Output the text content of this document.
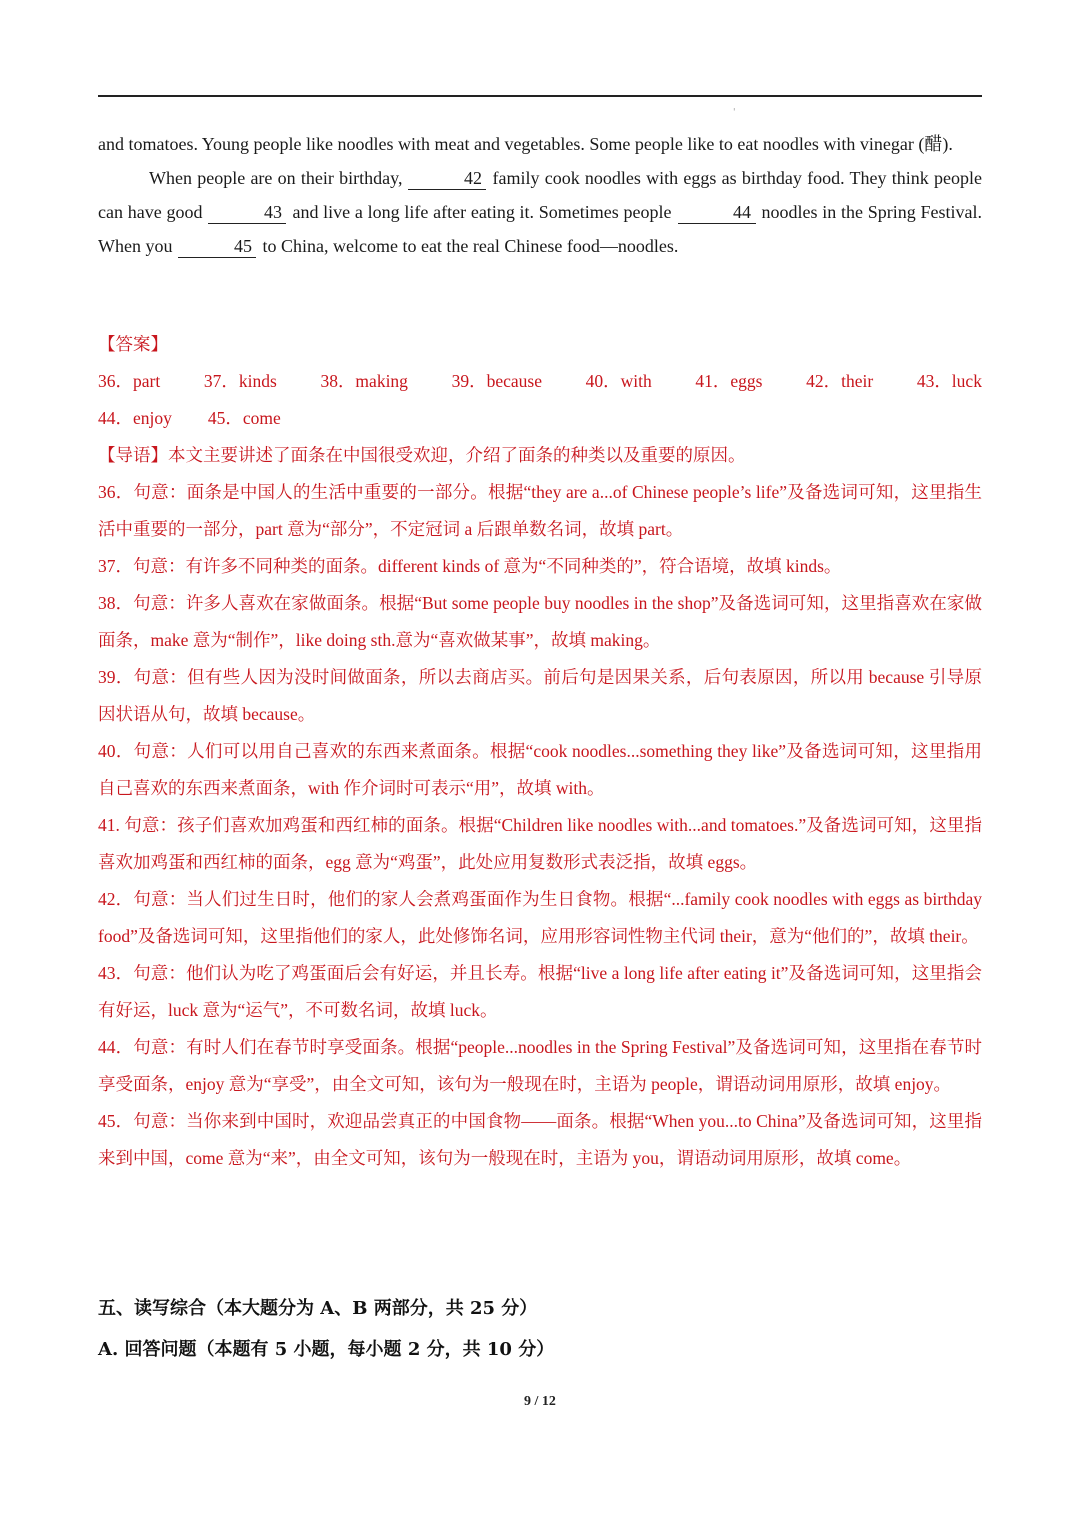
'

and tomatoes. Young people like noodles with meat and vegetables. Some people like to eat noodles with vinegar (醋).

When people are on their birthday,	42 family cook noodles with eggs as birthday food. They think people can have good	43 and live a long life after eating it. Sometimes people	44 noodles in the Spring Festival. When you	45 to China, welcome to eat the real Chinese food—noodles.

【答案】

36．part 37．kinds 38．making 39．because 40．with 41．eggs 42．their 43．luck
44．enjoy 45．come

【导语】本文主要讲述了面条在中国很受欢迎，介绍了面条的种类以及重要的原因。

36．句意：面条是中国人的生活中重要的一部分。根据“they are a...of Chinese people’s life”及备选词可知，这里指生活中重要的一部分，part 意为“部分”，不定冠词 a 后跟单数名词，故填 part。

37．句意：有许多不同种类的面条。different kinds of 意为“不同种类的”，符合语境，故填 kinds。

38．句意：许多人喜欢在家做面条。根据“But some people buy noodles in the shop”及备选词可知，这里指喜欢在家做面条，make 意为“制作”，like doing sth.意为“喜欢做某事”，故填 making。

39．句意：但有些人因为没时间做面条，所以去商店买。前后句是因果关系，后句表原因，所以用 because 引导原因状语从句，故填 because。

40．句意：人们可以用自己喜欢的东西来煮面条。根据“cook noodles...something they like”及备选词可知，这里指用自己喜欢的东西来煮面条，with 作介词时可表示“用”，故填 with。

41. 句意：孩子们喜欢加鸡蛋和西红柿的面条。根据“Children like noodles with...and tomatoes.”及备选词可知，这里指喜欢加鸡蛋和西红柿的面条，egg 意为“鸡蛋”，此处应用复数形式表泛指，故填 eggs。

42．句意：当人们过生日时，他们的家人会煮鸡蛋面作为生日食物。根据“...family cook noodles with eggs as birthday food”及备选词可知，这里指他们的家人，此处修饰名词，应用形容词性物主代词 their，意为“他们的”，故填 their。

43．句意：他们认为吃了鸡蛋面后会有好运，并且长寿。根据“live a long life after eating it”及备选词可知，这里指会有好运，luck 意为“运气”，不可数名词，故填 luck。

44．句意：有时人们在春节时享受面条。根据“people...noodles in the Spring Festival”及备选词可知，这里指在春节时享受面条，enjoy 意为“享受”，由全文可知，该句为一般现在时，主语为 people，谓语动词用原形，故填 enjoy。

45．句意：当你来到中国时，欢迎品尝真正的中国食物——面条。根据“When you...to China”及备选词可知，这里指来到中国，come 意为“来”，由全文可知，该句为一般现在时，主语为 you，谓语动词用原形，故填 come。

五、读写综合（本大题分为 A、B 两部分，共 25 分）

A. 回答问题（本题有 5 小题，每小题 2 分，共 10 分）

9 / 12
